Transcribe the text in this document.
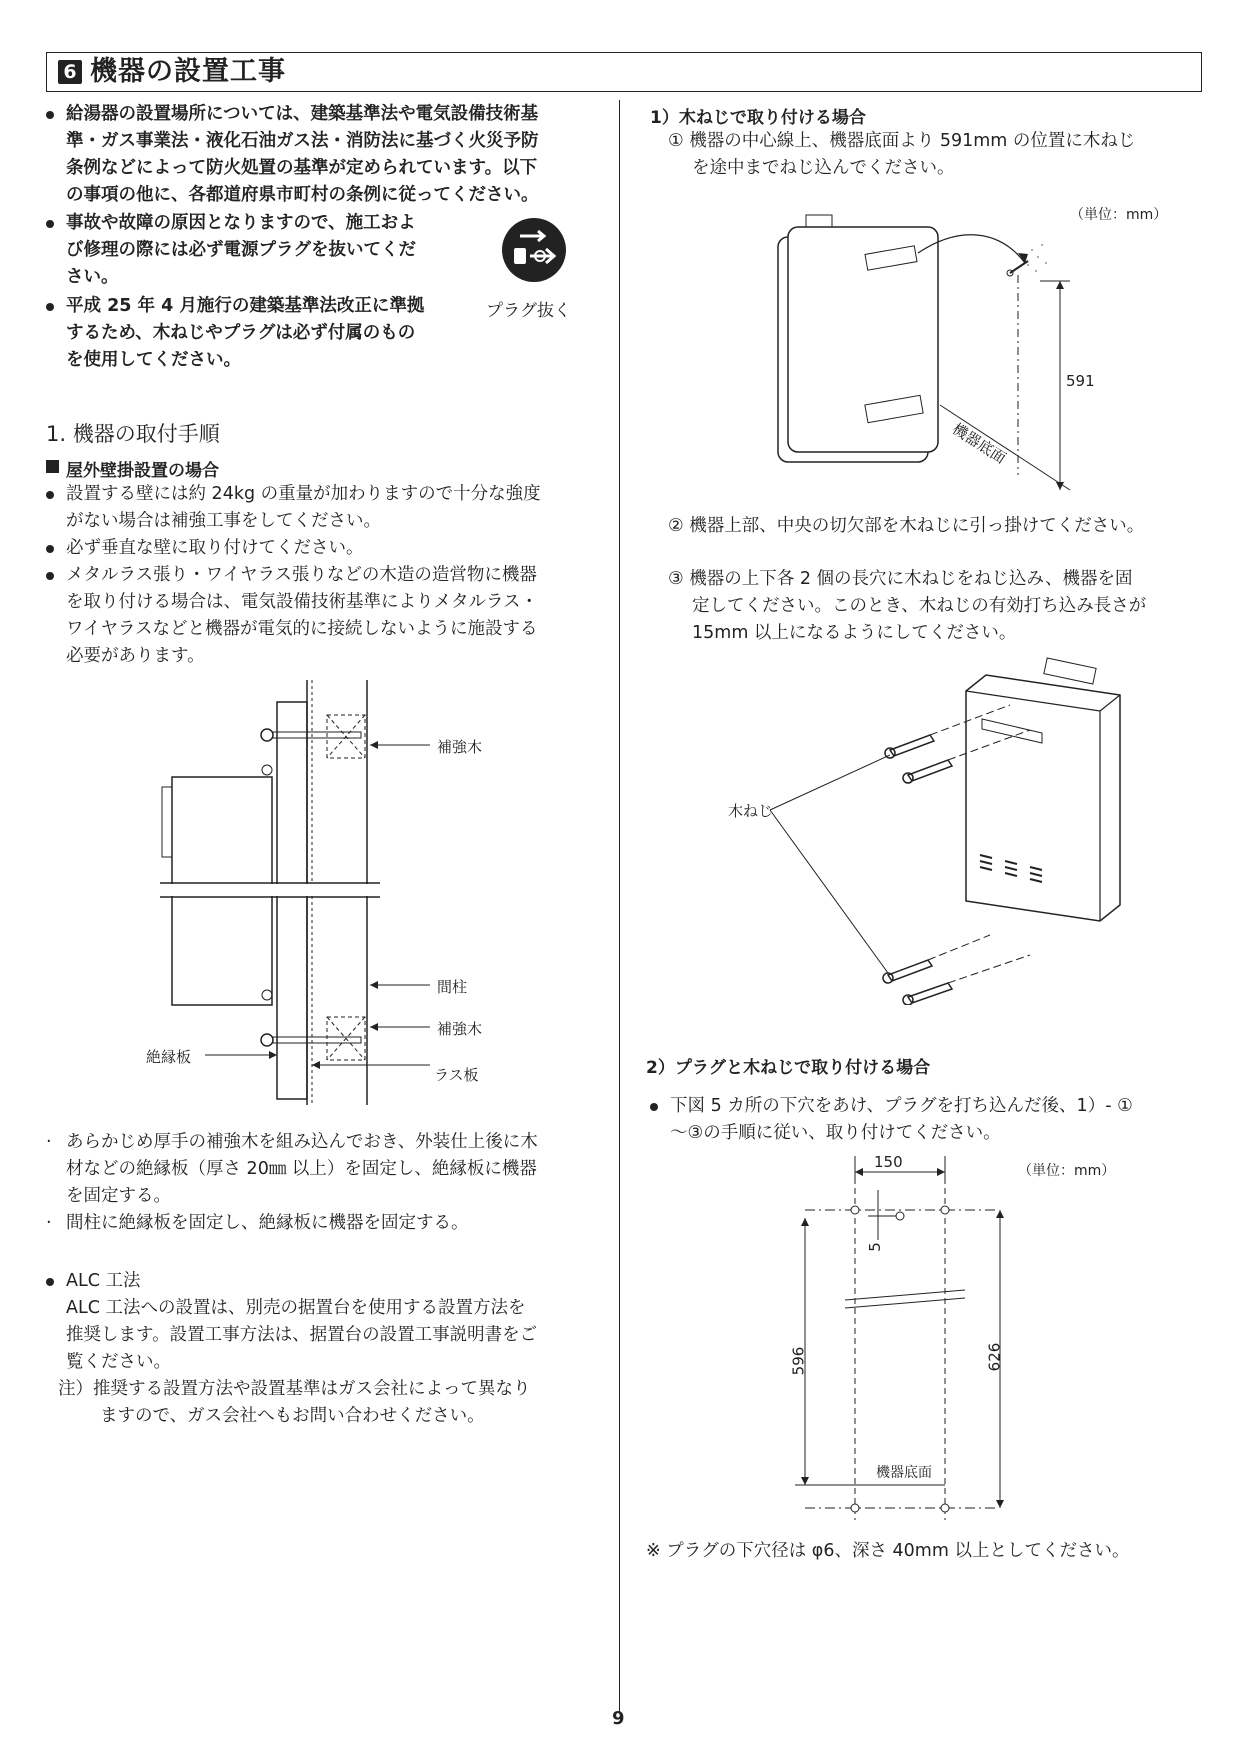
6 機器の設置工事
給湯器の設置場所については、建築基準法や電気設備技術基
準・ガス事業法・液化石油ガス法・消防法に基づく火災予防
条例などによって防火処置の基準が定められています。以下
の事項の他に、各都道府県市町村の条例に従ってください。
事故や故障の原因となりますので、施工およ
び修理の際には必ず電源プラグを抜いてくだ
さい。
平成 25 年 4 月施行の建築基準法改正に準拠
するため、木ねじやプラグは必ず付属のもの
を使用してください。
プラグ抜く
1. 機器の取付手順
屋外壁掛設置の場合
設置する壁には約 24kg の重量が加わりますので十分な強度
がない場合は補強工事をしてください。
必ず垂直な壁に取り付けてください。
メタルラス張り・ワイヤラス張りなどの木造の造営物に機器
を取り付ける場合は、電気設備技術基準によりメタルラス・
ワイヤラスなどと機器が電気的に接続しないように施設する
必要があります。
補強木
間柱
補強木
絶縁板
ラス板
· あらかじめ厚手の補強木を組み込んでおき、外装仕上後に木
材などの絶縁板（厚さ 20㎜ 以上）を固定し、絶縁板に機器
を固定する。
· 間柱に絶縁板を固定し、絶縁板に機器を固定する。
ALC 工法
ALC 工法への設置は、別売の据置台を使用する設置方法を
推奨します。設置工事方法は、据置台の設置工事説明書をご
覧ください。
注）推奨する設置方法や設置基準はガス会社によって異なり
ますので、ガス会社へもお問い合わせください。
1）木ねじで取り付ける場合
① 機器の中心線上、機器底面より 591mm の位置に木ねじ
を途中までねじ込んでください。
（単位：mm）
591
機器底面
② 機器上部、中央の切欠部を木ねじに引っ掛けてください。
③ 機器の上下各 2 個の長穴に木ねじをねじ込み、機器を固
定してください。このとき、木ねじの有効打ち込み長さが
15mm 以上になるようにしてください。
木ねじ
2）プラグと木ねじで取り付ける場合
下図 5 カ所の下穴をあけ、プラグを打ち込んだ後、1）- ①
〜③の手順に従い、取り付けてください。
（単位：mm）
150
5
596	626
機器底面
※ プラグの下穴径は φ6、深さ 40mm 以上としてください。
9
